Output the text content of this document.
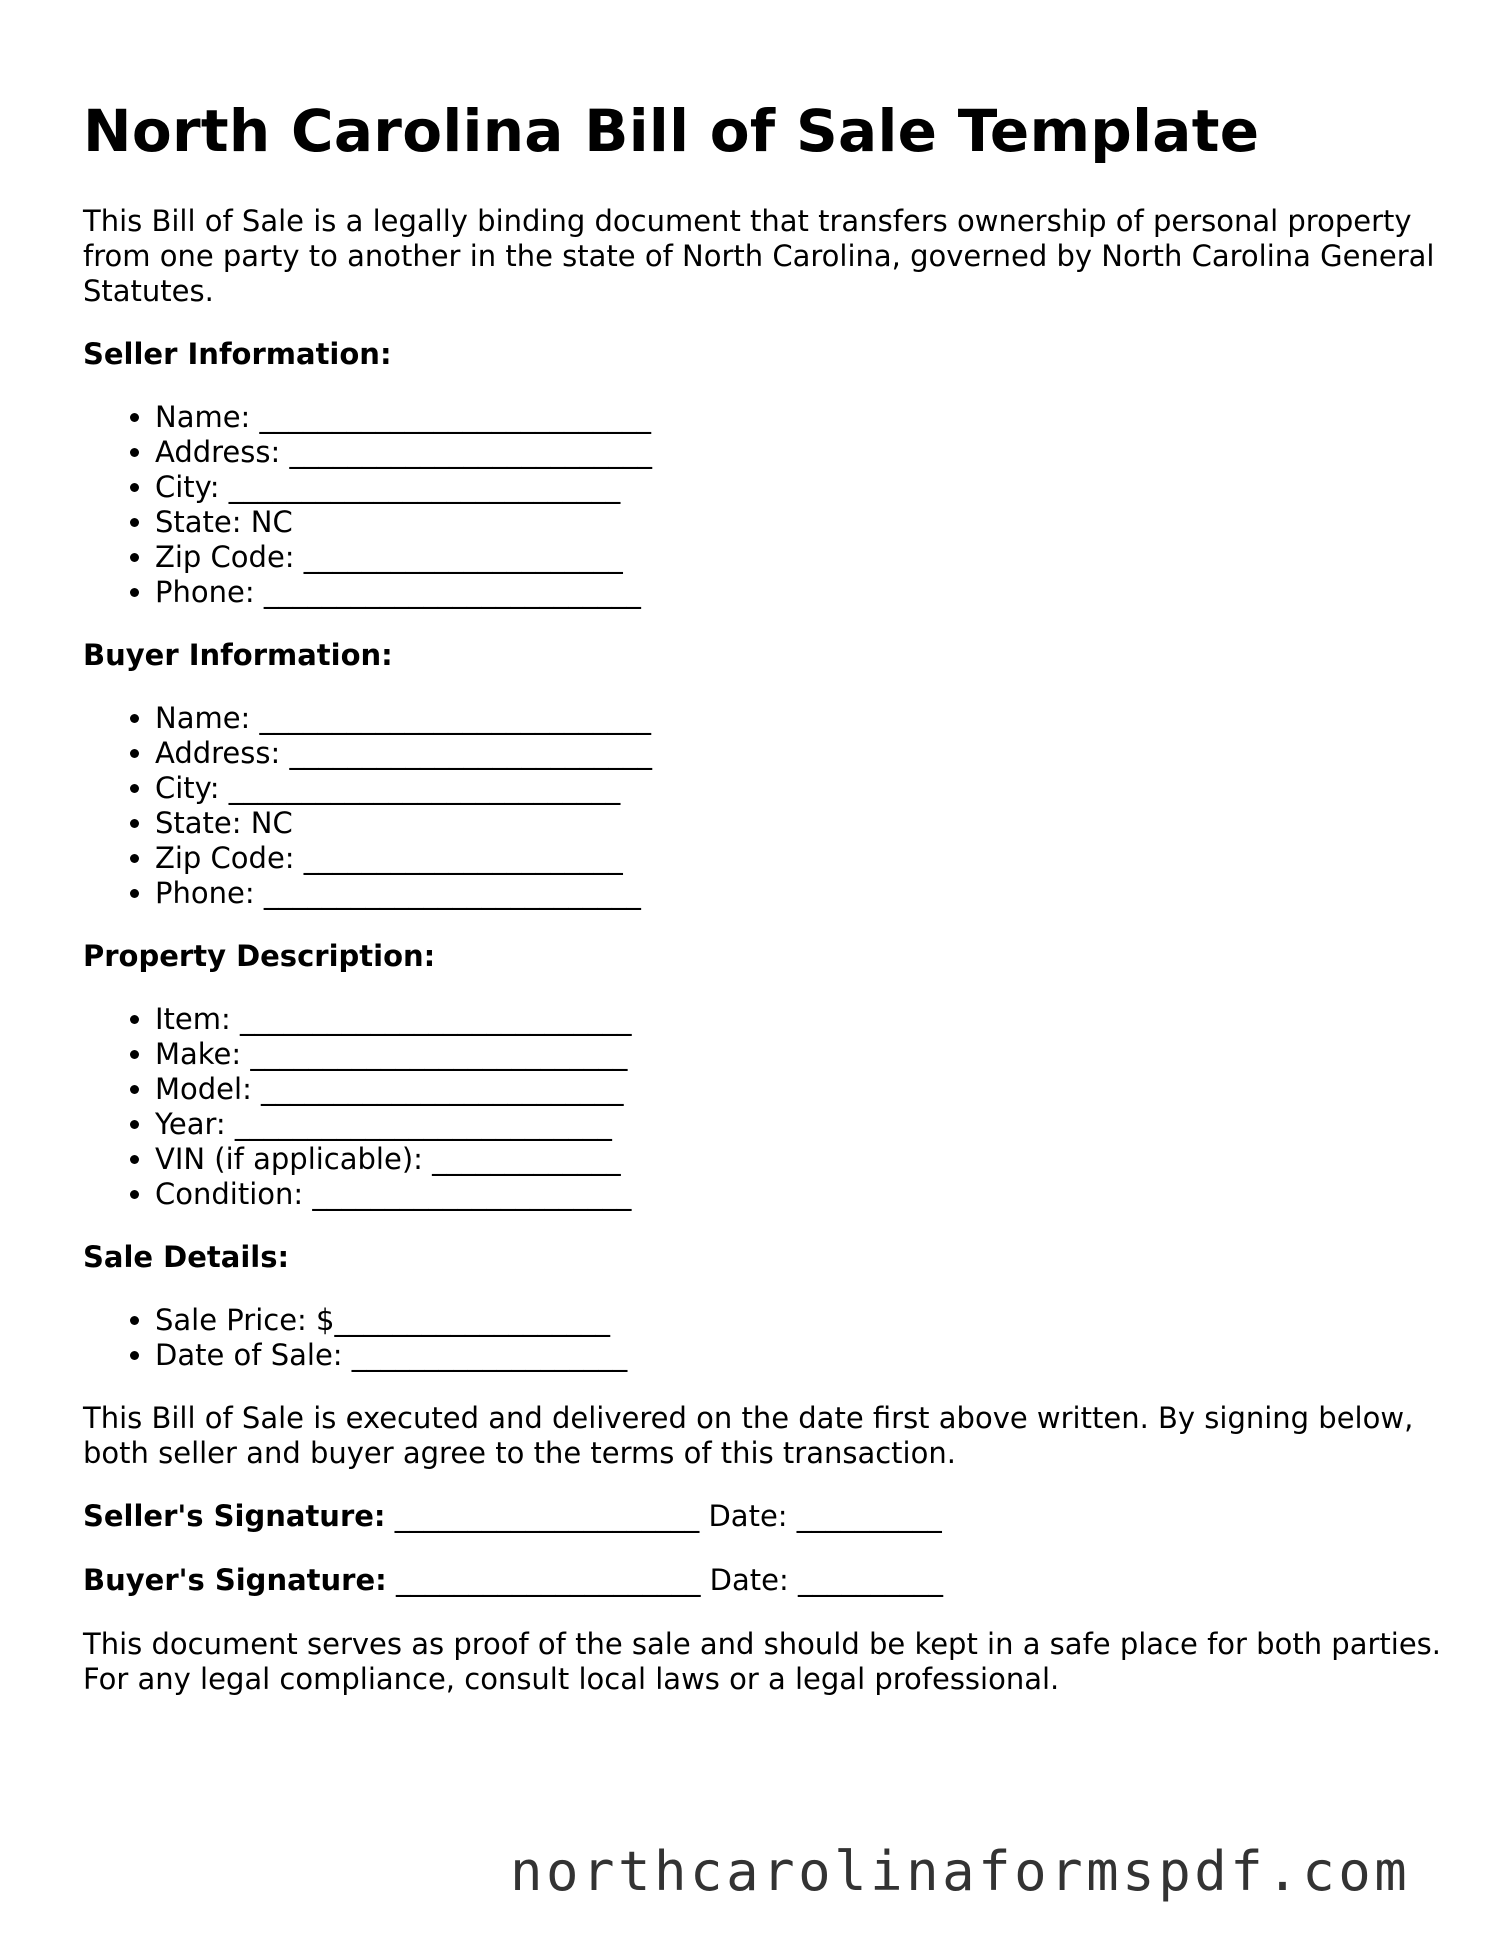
North Carolina Bill of Sale Template

This Bill of Sale is a legally binding document that transfers ownership of personal property from one party to another in the state of North Carolina, governed by North Carolina General Statutes.

Seller Information:
• Name: ___________________________
• Address: _________________________
• City: ___________________________
• State: NC
• Zip Code: ______________________
• Phone: __________________________
Buyer Information:
• Name: ___________________________
• Address: _________________________
• City: ___________________________
• State: NC
• Zip Code: ______________________
• Phone: __________________________
Property Description:
• Item: ___________________________
• Make: __________________________
• Model: _________________________
• Year: __________________________
• VIN (if applicable): _____________
• Condition: ______________________
Sale Details:
• Sale Price: $___________________
• Date of Sale: ___________________

This Bill of Sale is executed and delivered on the date first above written. By signing below, both seller and buyer agree to the terms of this transaction.

Seller's Signature: _____________________ Date: __________
Buyer's Signature: _____________________ Date: __________

This document serves as proof of the sale and should be kept in a safe place for both parties. For any legal compliance, consult local laws or a legal professional.

northcarolinaformspdf.com
